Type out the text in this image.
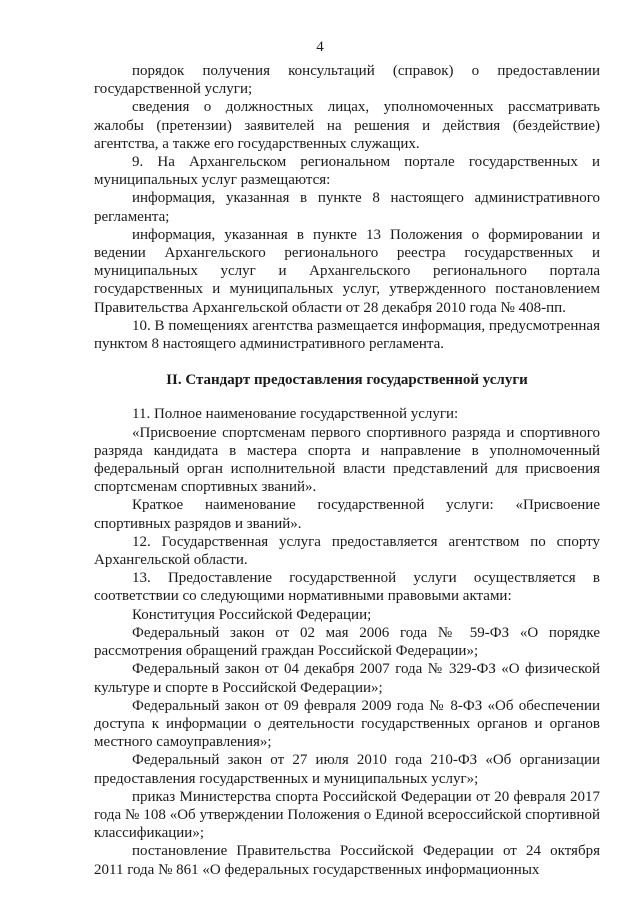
4

порядок получения консультаций (справок) о предоставлении государственной услуги;

сведения о должностных лицах, уполномоченных рассматривать жалобы (претензии) заявителей на решения и действия (бездействие) агентства, а также его государственных служащих.

9. На Архангельском региональном портале государственных и муниципальных услуг размещаются:

информация, указанная в пункте 8 настоящего административного регламента;

информация, указанная в пункте 13 Положения о формировании и ведении Архангельского регионального реестра государственных и муниципальных услуг и Архангельского регионального портала государственных и муниципальных услуг, утвержденного постановлением Правительства Архангельской области от 28 декабря 2010 года № 408-пп.

10. В помещениях агентства размещается информация, предусмотренная пунктом 8 настоящего административного регламента.

II. Стандарт предоставления государственной услуги

11. Полное наименование государственной услуги:

«Присвоение спортсменам первого спортивного разряда и спортивного разряда кандидата в мастера спорта и направление в уполномоченный федеральный орган исполнительной власти представлений для присвоения спортсменам спортивных званий».

Краткое наименование государственной услуги: «Присвоение спортивных разрядов и званий».

12. Государственная услуга предоставляется агентством по спорту Архангельской области.

13. Предоставление государственной услуги осуществляется в соответствии со следующими нормативными правовыми актами:

Конституция Российской Федерации;

Федеральный закон от 02 мая 2006 года № 59-ФЗ «О порядке рассмотрения обращений граждан Российской Федерации»;

Федеральный закон от 04 декабря 2007 года № 329-ФЗ «О физической культуре и спорте в Российской Федерации»;

Федеральный закон от 09 февраля 2009 года № 8-ФЗ «Об обеспечении доступа к информации о деятельности государственных органов и органов местного самоуправления»;

Федеральный закон от 27 июля 2010 года 210-ФЗ «Об организации предоставления государственных и муниципальных услуг»;

приказ Министерства спорта Российской Федерации от 20 февраля 2017 года № 108 «Об утверждении Положения о Единой всероссийской спортивной классификации»;

постановление Правительства Российской Федерации от 24 октября 2011 года № 861 «О федеральных государственных информационных
